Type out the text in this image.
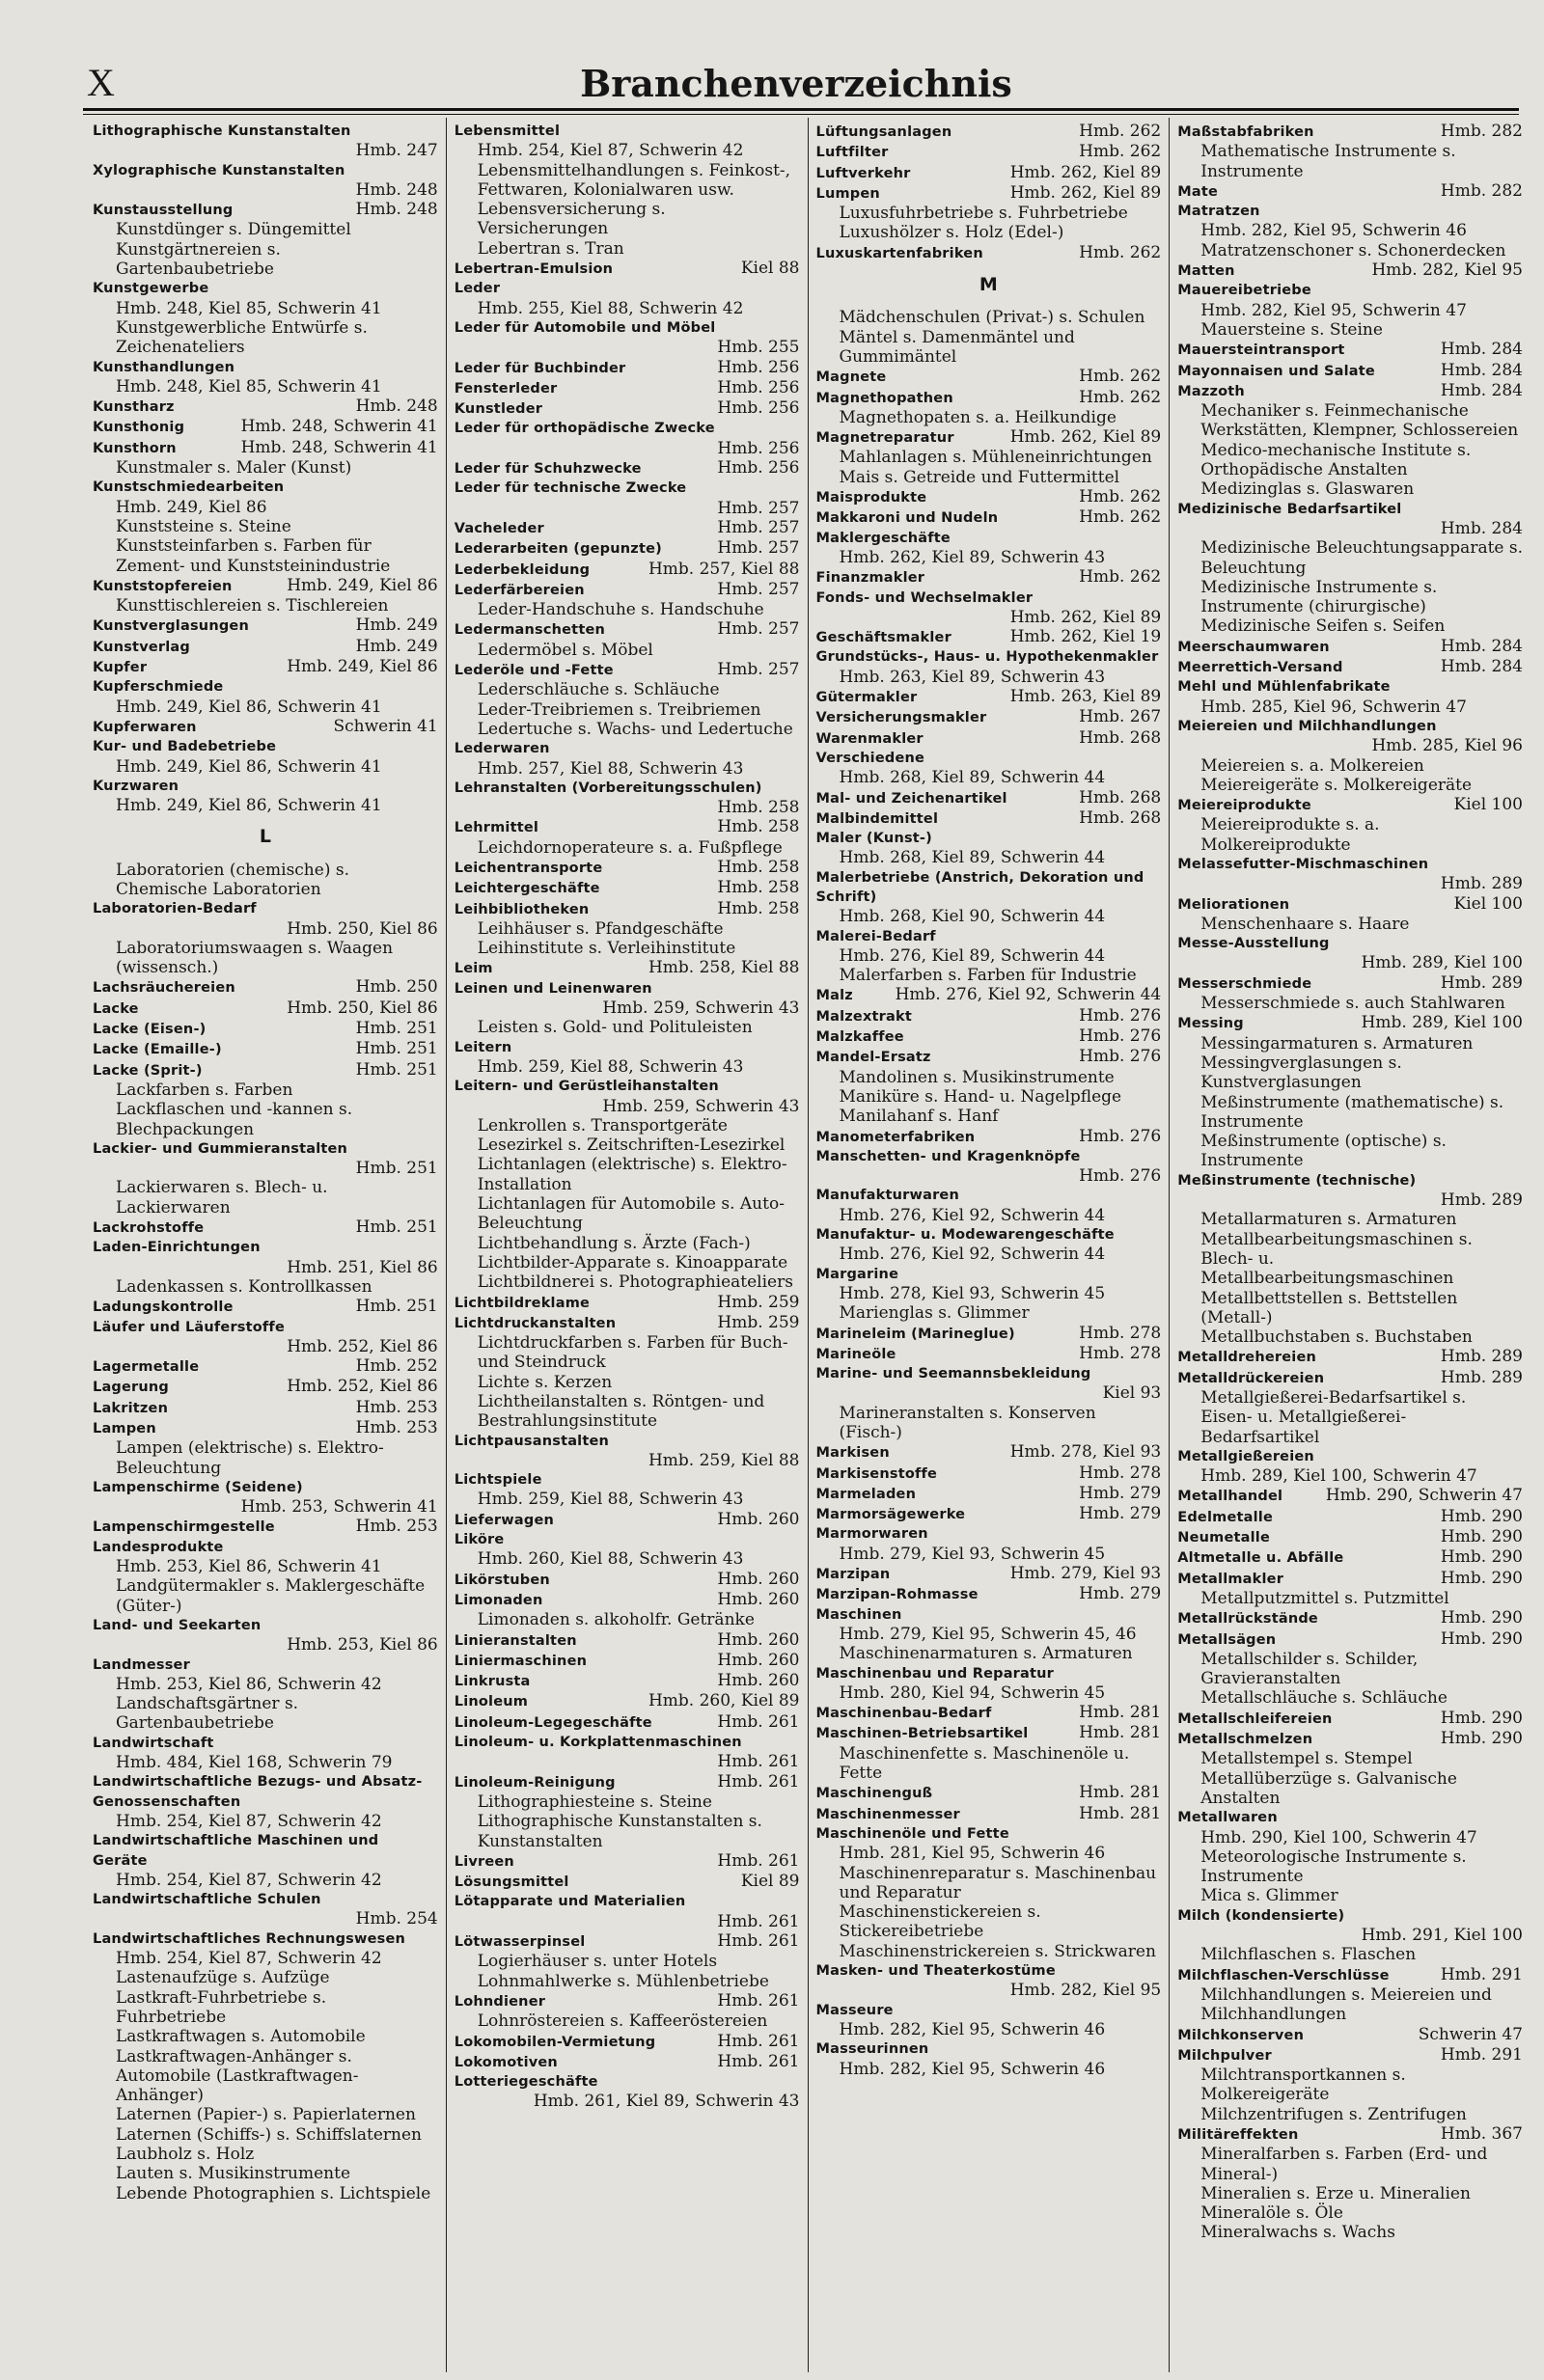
X	Branchenverzeichnis
Lithographische Kunstanstalten
Hmb. 247
Xylographische Kunstanstalten
Hmb. 248
Kunstausstellung	Hmb. 248
Kunstdünger s. Düngemittel
Kunstgärtnereien s. Gartenbaubetriebe
Kunstgewerbe
Hmb. 248, Kiel 85, Schwerin 41
Kunstgewerbliche Entwürfe s. Zeichenateliers
Kunsthandlungen
Hmb. 248, Kiel 85, Schwerin 41
Kunstharz	Hmb. 248
Kunsthonig	Hmb. 248, Schwerin 41
Kunsthorn	Hmb. 248, Schwerin 41
Kunstmaler s. Maler (Kunst)
Kunstschmiedearbeiten
Hmb. 249, Kiel 86
Kunststeine s. Steine
Kunststeinfarben s. Farben für Zement- und Kunststeinindustrie
Kunststopfereien	Hmb. 249, Kiel 86
Kunsttischlereien s. Tischlereien
Kunstverglasungen	Hmb. 249
Kunstverlag	Hmb. 249
Kupfer	Hmb. 249, Kiel 86
Kupferschmiede
Hmb. 249, Kiel 86, Schwerin 41
Kupferwaren	Schwerin 41
Kur- und Badebetriebe
Hmb. 249, Kiel 86, Schwerin 41
Kurzwaren
Hmb. 249, Kiel 86, Schwerin 41
L
Laboratorien (chemische) s. Chemische Laboratorien
Laboratorien-Bedarf
Hmb. 250, Kiel 86
Laboratoriumswaagen s. Waagen (wissensch.)
Lachsräuchereien	Hmb. 250
Lacke	Hmb. 250, Kiel 86
Lacke (Eisen-)	Hmb. 251
Lacke (Emaille-)	Hmb. 251
Lacke (Sprit-)	Hmb. 251
Lackfarben s. Farben
Lackflaschen und -kannen s. Blechpackungen
Lackier- und Gummieranstalten
Hmb. 251
Lackierwaren s. Blech- u. Lackierwaren
Lackrohstoffe	Hmb. 251
Laden-Einrichtungen
Hmb. 251, Kiel 86
Ladenkassen s. Kontrollkassen
Ladungskontrolle	Hmb. 251
Läufer und Läuferstoffe
Hmb. 252, Kiel 86
Lagermetalle	Hmb. 252
Lagerung	Hmb. 252, Kiel 86
Lakritzen	Hmb. 253
Lampen	Hmb. 253
Lampen (elektrische) s. Elektro-Beleuchtung
Lampenschirme (Seidene)
Hmb. 253, Schwerin 41
Lampenschirmgestelle	Hmb. 253
Landesprodukte
Hmb. 253, Kiel 86, Schwerin 41
Landgütermakler s. Maklergeschäfte (Güter-)
Land- und Seekarten
Hmb. 253, Kiel 86
Landmesser
Hmb. 253, Kiel 86, Schwerin 42
Landschaftsgärtner s. Gartenbaubetriebe
Landwirtschaft
Hmb. 484, Kiel 168, Schwerin 79
Landwirtschaftliche Bezugs- und Absatz-Genossenschaften
Hmb. 254, Kiel 87, Schwerin 42
Landwirtschaftliche Maschinen und Geräte
Hmb. 254, Kiel 87, Schwerin 42
Landwirtschaftliche Schulen
Hmb. 254
Landwirtschaftliches Rechnungswesen
Hmb. 254, Kiel 87, Schwerin 42
Lastenaufzüge s. Aufzüge
Lastkraft-Fuhrbetriebe s. Fuhrbetriebe
Lastkraftwagen s. Automobile
Lastkraftwagen-Anhänger s. Automobile (Lastkraftwagen-Anhänger)
Laternen (Papier-) s. Papierlaternen
Laternen (Schiffs-) s. Schiffslaternen
Laubholz s. Holz
Lauten s. Musikinstrumente
Lebende Photographien s. Lichtspiele
Lebensmittel
Hmb. 254, Kiel 87, Schwerin 42
Lebensmittelhandlungen s. Feinkost-, Fettwaren, Kolonialwaren usw.
Lebensversicherung s. Versicherungen
Lebertran s. Tran
Lebertran-Emulsion	Kiel 88
Leder
Hmb. 255, Kiel 88, Schwerin 42
Leder für Automobile und Möbel
Hmb. 255
Leder für Buchbinder	Hmb. 256
Fensterleder	Hmb. 256
Kunstleder	Hmb. 256
Leder für orthopädische Zwecke
Hmb. 256
Leder für Schuhzwecke	Hmb. 256
Leder für technische Zwecke
Hmb. 257
Vacheleder	Hmb. 257
Lederarbeiten (gepunzte)	Hmb. 257
Lederbekleidung	Hmb. 257, Kiel 88
Lederfärbereien	Hmb. 257
Leder-Handschuhe s. Handschuhe
Ledermanschetten	Hmb. 257
Ledermöbel s. Möbel
Lederöle und -Fette	Hmb. 257
Lederschläuche s. Schläuche
Leder-Treibriemen s. Treibriemen
Ledertuche s. Wachs- und Ledertuche
Lederwaren
Hmb. 257, Kiel 88, Schwerin 43
Lehranstalten (Vorbereitungsschulen)
Hmb. 258
Lehrmittel	Hmb. 258
Leichdornoperateure s. a. Fußpflege
Leichentransporte	Hmb. 258
Leichtergeschäfte	Hmb. 258
Leihbibliotheken	Hmb. 258
Leihhäuser s. Pfandgeschäfte
Leihinstitute s. Verleihinstitute
Leim	Hmb. 258, Kiel 88
Leinen und Leinenwaren
Hmb. 259, Schwerin 43
Leisten s. Gold- und Polituleisten
Leitern
Hmb. 259, Kiel 88, Schwerin 43
Leitern- und Gerüstleihanstalten
Hmb. 259, Schwerin 43
Lenkrollen s. Transportgeräte
Lesezirkel s. Zeitschriften-Lesezirkel
Lichtanlagen (elektrische) s. Elektro-Installation
Lichtanlagen für Automobile s. Auto-Beleuchtung
Lichtbehandlung s. Ärzte (Fach-)
Lichtbilder-Apparate s. Kinoapparate
Lichtbildnerei s. Photographieateliers
Lichtbildreklame	Hmb. 259
Lichtdruckanstalten	Hmb. 259
Lichtdruckfarben s. Farben für Buch- und Steindruck
Lichte s. Kerzen
Lichtheilanstalten s. Röntgen- und Bestrahlungsinstitute
Lichtpausanstalten
Hmb. 259, Kiel 88
Lichtspiele
Hmb. 259, Kiel 88, Schwerin 43
Lieferwagen	Hmb. 260
Liköre
Hmb. 260, Kiel 88, Schwerin 43
Likörstuben	Hmb. 260
Limonaden	Hmb. 260
Limonaden s. alkoholfr. Getränke
Linieranstalten	Hmb. 260
Liniermaschinen	Hmb. 260
Linkrusta	Hmb. 260
Linoleum	Hmb. 260, Kiel 89
Linoleum-Legegeschäfte	Hmb. 261
Linoleum- u. Korkplattenmaschinen
Hmb. 261
Linoleum-Reinigung	Hmb. 261
Lithographiesteine s. Steine
Lithographische Kunstanstalten s. Kunstanstalten
Livreen	Hmb. 261
Lösungsmittel	Kiel 89
Lötapparate und Materialien
Hmb. 261
Lötwasserpinsel	Hmb. 261
Logierhäuser s. unter Hotels
Lohnmahlwerke s. Mühlenbetriebe
Lohndiener	Hmb. 261
Lohnröstereien s. Kaffeeröstereien
Lokomobilen-Vermietung	Hmb. 261
Lokomotiven	Hmb. 261
Lotteriegeschäfte
Hmb. 261, Kiel 89, Schwerin 43
Lüftungsanlagen	Hmb. 262
Luftfilter	Hmb. 262
Luftverkehr	Hmb. 262, Kiel 89
Lumpen	Hmb. 262, Kiel 89
Luxusfuhrbetriebe s. Fuhrbetriebe
Luxushölzer s. Holz (Edel-)
Luxuskartenfabriken	Hmb. 262
M
Mädchenschulen (Privat-) s. Schulen
Mäntel s. Damenmäntel und Gummimäntel
Magnete	Hmb. 262
Magnethopathen	Hmb. 262
Magnethopaten s. a. Heilkundige
Magnetreparatur	Hmb. 262, Kiel 89
Mahlanlagen s. Mühleneinrichtungen
Mais s. Getreide und Futtermittel
Maisprodukte	Hmb. 262
Makkaroni und Nudeln	Hmb. 262
Maklergeschäfte
Hmb. 262, Kiel 89, Schwerin 43
Finanzmakler	Hmb. 262
Fonds- und Wechselmakler
Hmb. 262, Kiel 89
Geschäftsmakler	Hmb. 262, Kiel 19
Grundstücks-, Haus- u. Hypothekenmakler
Hmb. 263, Kiel 89, Schwerin 43
Gütermakler	Hmb. 263, Kiel 89
Versicherungsmakler	Hmb. 267
Warenmakler	Hmb. 268
Verschiedene
Hmb. 268, Kiel 89, Schwerin 44
Mal- und Zeichenartikel	Hmb. 268
Malbindemittel	Hmb. 268
Maler (Kunst-)
Hmb. 268, Kiel 89, Schwerin 44
Malerbetriebe (Anstrich, Dekoration und Schrift)
Hmb. 268, Kiel 90, Schwerin 44
Malerei-Bedarf
Hmb. 276, Kiel 89, Schwerin 44
Malerfarben s. Farben für Industrie
Malz	Hmb. 276, Kiel 92, Schwerin 44
Malzextrakt	Hmb. 276
Malzkaffee	Hmb. 276
Mandel-Ersatz	Hmb. 276
Mandolinen s. Musikinstrumente
Maniküre s. Hand- u. Nagelpflege
Manilahanf s. Hanf
Manometerfabriken	Hmb. 276
Manschetten- und Kragenknöpfe
Hmb. 276
Manufakturwaren
Hmb. 276, Kiel 92, Schwerin 44
Manufaktur- u. Modewarengeschäfte
Hmb. 276, Kiel 92, Schwerin 44
Margarine
Hmb. 278, Kiel 93, Schwerin 45
Marienglas s. Glimmer
Marineleim (Marineglue)	Hmb. 278
Marineöle	Hmb. 278
Marine- und Seemannsbekleidung
Kiel 93
Marineranstalten s. Konserven (Fisch-)
Markisen	Hmb. 278, Kiel 93
Markisenstoffe	Hmb. 278
Marmeladen	Hmb. 279
Marmorsägewerke	Hmb. 279
Marmorwaren
Hmb. 279, Kiel 93, Schwerin 45
Marzipan	Hmb. 279, Kiel 93
Marzipan-Rohmasse	Hmb. 279
Maschinen
Hmb. 279, Kiel 95, Schwerin 45, 46
Maschinenarmaturen s. Armaturen
Maschinenbau und Reparatur
Hmb. 280, Kiel 94, Schwerin 45
Maschinenbau-Bedarf	Hmb. 281
Maschinen-Betriebsartikel	Hmb. 281
Maschinenfette s. Maschinenöle u. Fette
Maschinenguß	Hmb. 281
Maschinenmesser	Hmb. 281
Maschinenöle und Fette
Hmb. 281, Kiel 95, Schwerin 46
Maschinenreparatur s. Maschinenbau und Reparatur
Maschinenstickereien s. Stickereibetriebe
Maschinenstrickereien s. Strickwaren
Masken- und Theaterkostüme
Hmb. 282, Kiel 95
Masseure
Hmb. 282, Kiel 95, Schwerin 46
Masseurinnen
Hmb. 282, Kiel 95, Schwerin 46
Maßstabfabriken	Hmb. 282
Mathematische Instrumente s. Instrumente
Mate	Hmb. 282
Matratzen
Hmb. 282, Kiel 95, Schwerin 46
Matratzenschoner s. Schonerdecken
Matten	Hmb. 282, Kiel 95
Mauereibetriebe
Hmb. 282, Kiel 95, Schwerin 47
Mauersteine s. Steine
Mauersteintransport	Hmb. 284
Mayonnaisen und Salate	Hmb. 284
Mazzoth	Hmb. 284
Mechaniker s. Feinmechanische Werkstätten, Klempner, Schlossereien
Medico-mechanische Institute s. Orthopädische Anstalten
Medizinglas s. Glaswaren
Medizinische Bedarfsartikel
Hmb. 284
Medizinische Beleuchtungsapparate s. Beleuchtung
Medizinische Instrumente s. Instrumente (chirurgische)
Medizinische Seifen s. Seifen
Meerschaumwaren	Hmb. 284
Meerrettich-Versand	Hmb. 284
Mehl und Mühlenfabrikate
Hmb. 285, Kiel 96, Schwerin 47
Meiereien und Milchhandlungen
Hmb. 285, Kiel 96
Meiereien s. a. Molkereien
Meiereigeräte s. Molkereigeräte
Meiereiprodukte	Kiel 100
Meiereiprodukte s. a. Molkereiprodukte
Melassefutter-Mischmaschinen
Hmb. 289
Meliorationen	Kiel 100
Menschenhaare s. Haare
Messe-Ausstellung
Hmb. 289, Kiel 100
Messerschmiede	Hmb. 289
Messerschmiede s. auch Stahlwaren
Messing	Hmb. 289, Kiel 100
Messingarmaturen s. Armaturen
Messingverglasungen s. Kunstverglasungen
Meßinstrumente (mathematische) s. Instrumente
Meßinstrumente (optische) s. Instrumente
Meßinstrumente (technische)
Hmb. 289
Metallarmaturen s. Armaturen
Metallbearbeitungsmaschinen s. Blech- u. Metallbearbeitungsmaschinen
Metallbettstellen s. Bettstellen (Metall-)
Metallbuchstaben s. Buchstaben
Metalldrehereien	Hmb. 289
Metalldrückereien	Hmb. 289
Metallgießerei-Bedarfsartikel s. Eisen- u. Metallgießerei-Bedarfsartikel
Metallgießereien
Hmb. 289, Kiel 100, Schwerin 47
Metallhandel	Hmb. 290, Schwerin 47
Edelmetalle	Hmb. 290
Neumetalle	Hmb. 290
Altmetalle u. Abfälle	Hmb. 290
Metallmakler	Hmb. 290
Metallputzmittel s. Putzmittel
Metallrückstände	Hmb. 290
Metallsägen	Hmb. 290
Metallschilder s. Schilder, Gravieranstalten
Metallschläuche s. Schläuche
Metallschleifereien	Hmb. 290
Metallschmelzen	Hmb. 290
Metallstempel s. Stempel
Metallüberzüge s. Galvanische Anstalten
Metallwaren
Hmb. 290, Kiel 100, Schwerin 47
Meteorologische Instrumente s. Instrumente
Mica s. Glimmer
Milch (kondensierte)
Hmb. 291, Kiel 100
Milchflaschen s. Flaschen
Milchflaschen-Verschlüsse	Hmb. 291
Milchhandlungen s. Meiereien und Milchhandlungen
Milchkonserven	Schwerin 47
Milchpulver	Hmb. 291
Milchtransportkannen s. Molkereigeräte
Milchzentrifugen s. Zentrifugen
Militäreffekten	Hmb. 367
Mineralfarben s. Farben (Erd- und Mineral-)
Mineralien s. Erze u. Mineralien
Mineralöle s. Öle
Mineralwachs s. Wachs
